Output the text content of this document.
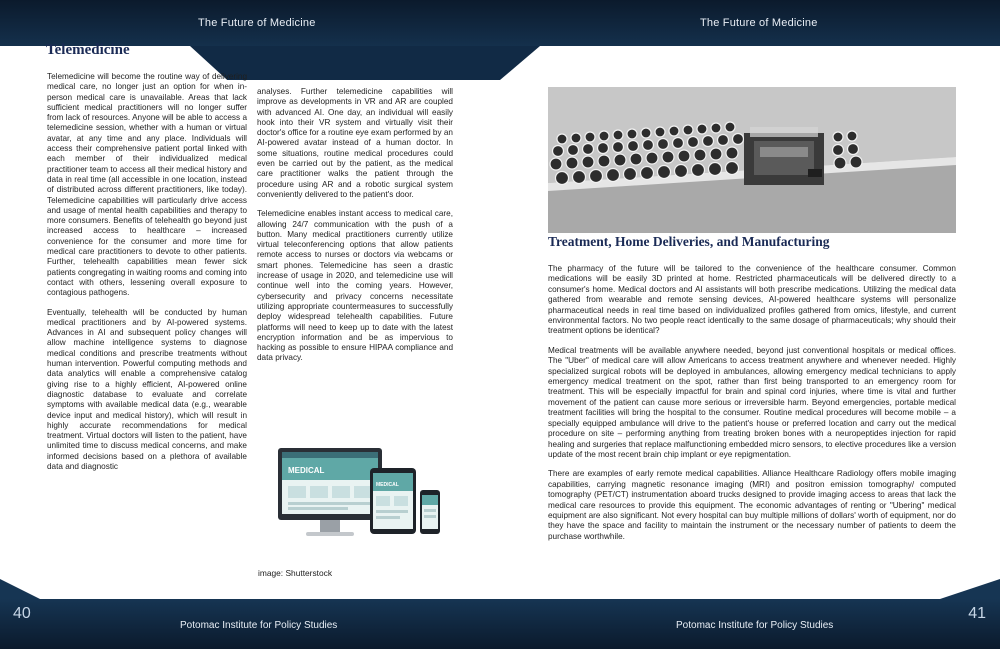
The Future of Medicine
Telemedicine

Telemedicine will become the routine way of delivering medical care, no longer just an option for when in-person medical care is unavailable. Areas that lack sufficient medical practitioners will no longer suffer from lack of resources. Anyone will be able to access a telemedicine session, whether with a human or virtual avatar, at any time and any place. Individuals will access their comprehensive patient portal linked with each member of their individualized medical practitioner team to access all their medical history and data in real time (all accessible in one location, instead of distributed across different practitioners, like today). Telemedicine capabilities will particularly drive access and usage of mental health capabilities and therapy to more consumers. Benefits of telehealth go beyond just increased access to healthcare – increased convenience for the consumer and more time for medical care practitioners to devote to other patients. Further, telehealth capabilities mean fewer sick patients congregating in waiting rooms and coming into contact with others, lessening overall exposure to contagious pathogens.

Eventually, telehealth will be conducted by human medical practitioners and by AI-powered systems. Advances in AI and subsequent policy changes will allow machine intelligence systems to diagnose medical conditions and prescribe treatments without human intervention. Powerful computing methods and data analytics will enable a comprehensive catalog giving rise to a highly efficient, AI-powered online diagnostic database to evaluate and correlate symptoms with available medical data (e.g., wearable device input and medical history), which will result in highly accurate recommendations for medical treatment. Virtual doctors will listen to the patient, have unlimited time to discuss medical concerns, and make informed decisions based on a plethora of available data and diagnostic

analyses. Further telemedicine capabilities will improve as developments in VR and AR are coupled with advanced AI. One day, an individual will easily hook into their VR system and virtually visit their doctor's office for a routine eye exam performed by an AI-powered avatar instead of a human doctor. In some situations, routine medical procedures could even be carried out by the patient, as the medical care practitioner walks the patient through the procedure using AR and a robotic surgical system conveniently delivered to the patient's door.

Telemedicine enables instant access to medical care, allowing 24/7 communication with the push of a button. Many medical practitioners currently utilize virtual teleconferencing options that allow patients remote access to nurses or doctors via webcams or smart phones. Telemedicine has seen a drastic increase of usage in 2020, and telemedicine use will continue well into the coming years. However, cybersecurity and privacy concerns necessitate utilizing appropriate countermeasures to successfully deploy widespread telehealth capabilities. Future platforms will need to keep up to date with the latest encryption information and be as impervious to hacking as possible to ensure HIPAA compliance and data privacy.

MEDICAL
MEDICAL
image: Shutterstock
40
Potomac Institute for Policy Studies
The Future of Medicine
Treatment, Home Deliveries, and Manufacturing

The pharmacy of the future will be tailored to the convenience of the healthcare consumer. Common medications will be easily 3D printed at home. Restricted pharmaceuticals will be delivered directly to a consumer's home. Medical doctors and AI assistants will both prescribe medications. Utilizing the medical data gathered from wearable and remote sensing devices, AI-powered healthcare systems will personalize pharmaceutical needs in real time based on individualized profiles gathered from omics, lifestyle, and current environmental factors. No two people react identically to the same dosage of pharmaceuticals; why should their treatment options be identical?

Medical treatments will be available anywhere needed, beyond just conventional hospitals or medical offices. The "Uber" of medical care will allow Americans to access treatment anywhere and whenever needed. Highly specialized surgical robots will be deployed in ambulances, allowing emergency medical technicians to apply emergency medical treatment on the spot, rather than first being transported to an emergency room for treatment. This will be especially impactful for brain and spinal cord injuries, where time is vital and further movement of the patient can cause more serious or irreversible harm. Beyond emergencies, portable medical treatment facilities will bring the hospital to the consumer. Routine medical procedures will become mobile – a specially equipped ambulance will drive to the patient's house or preferred location and carry out the medical procedure on site – performing anything from treating broken bones with a neuropeptides injection for rapid healing and surgeries that replace malfunctioning embedded micro sensors, to elective procedures like a version update of the most recent brain chip implant or eye repigmentation.

There are examples of early remote medical capabilities. Alliance Healthcare Radiology offers mobile imaging capabilities, carrying magnetic resonance imaging (MRI) and positron emission tomography/ computed tomography (PET/CT) instrumentation aboard trucks designed to provide imaging access to areas that lack the medical care resources to provide this equipment. The economic advantages of renting or "Ubering" medical equipment are also significant. Not every hospital can buy multiple millions of dollars' worth of equipment, nor do they have the space and facility to maintain the instrument or the necessary number of patients to deem the purchase worthwhile.

41
Potomac Institute for Policy Studies
